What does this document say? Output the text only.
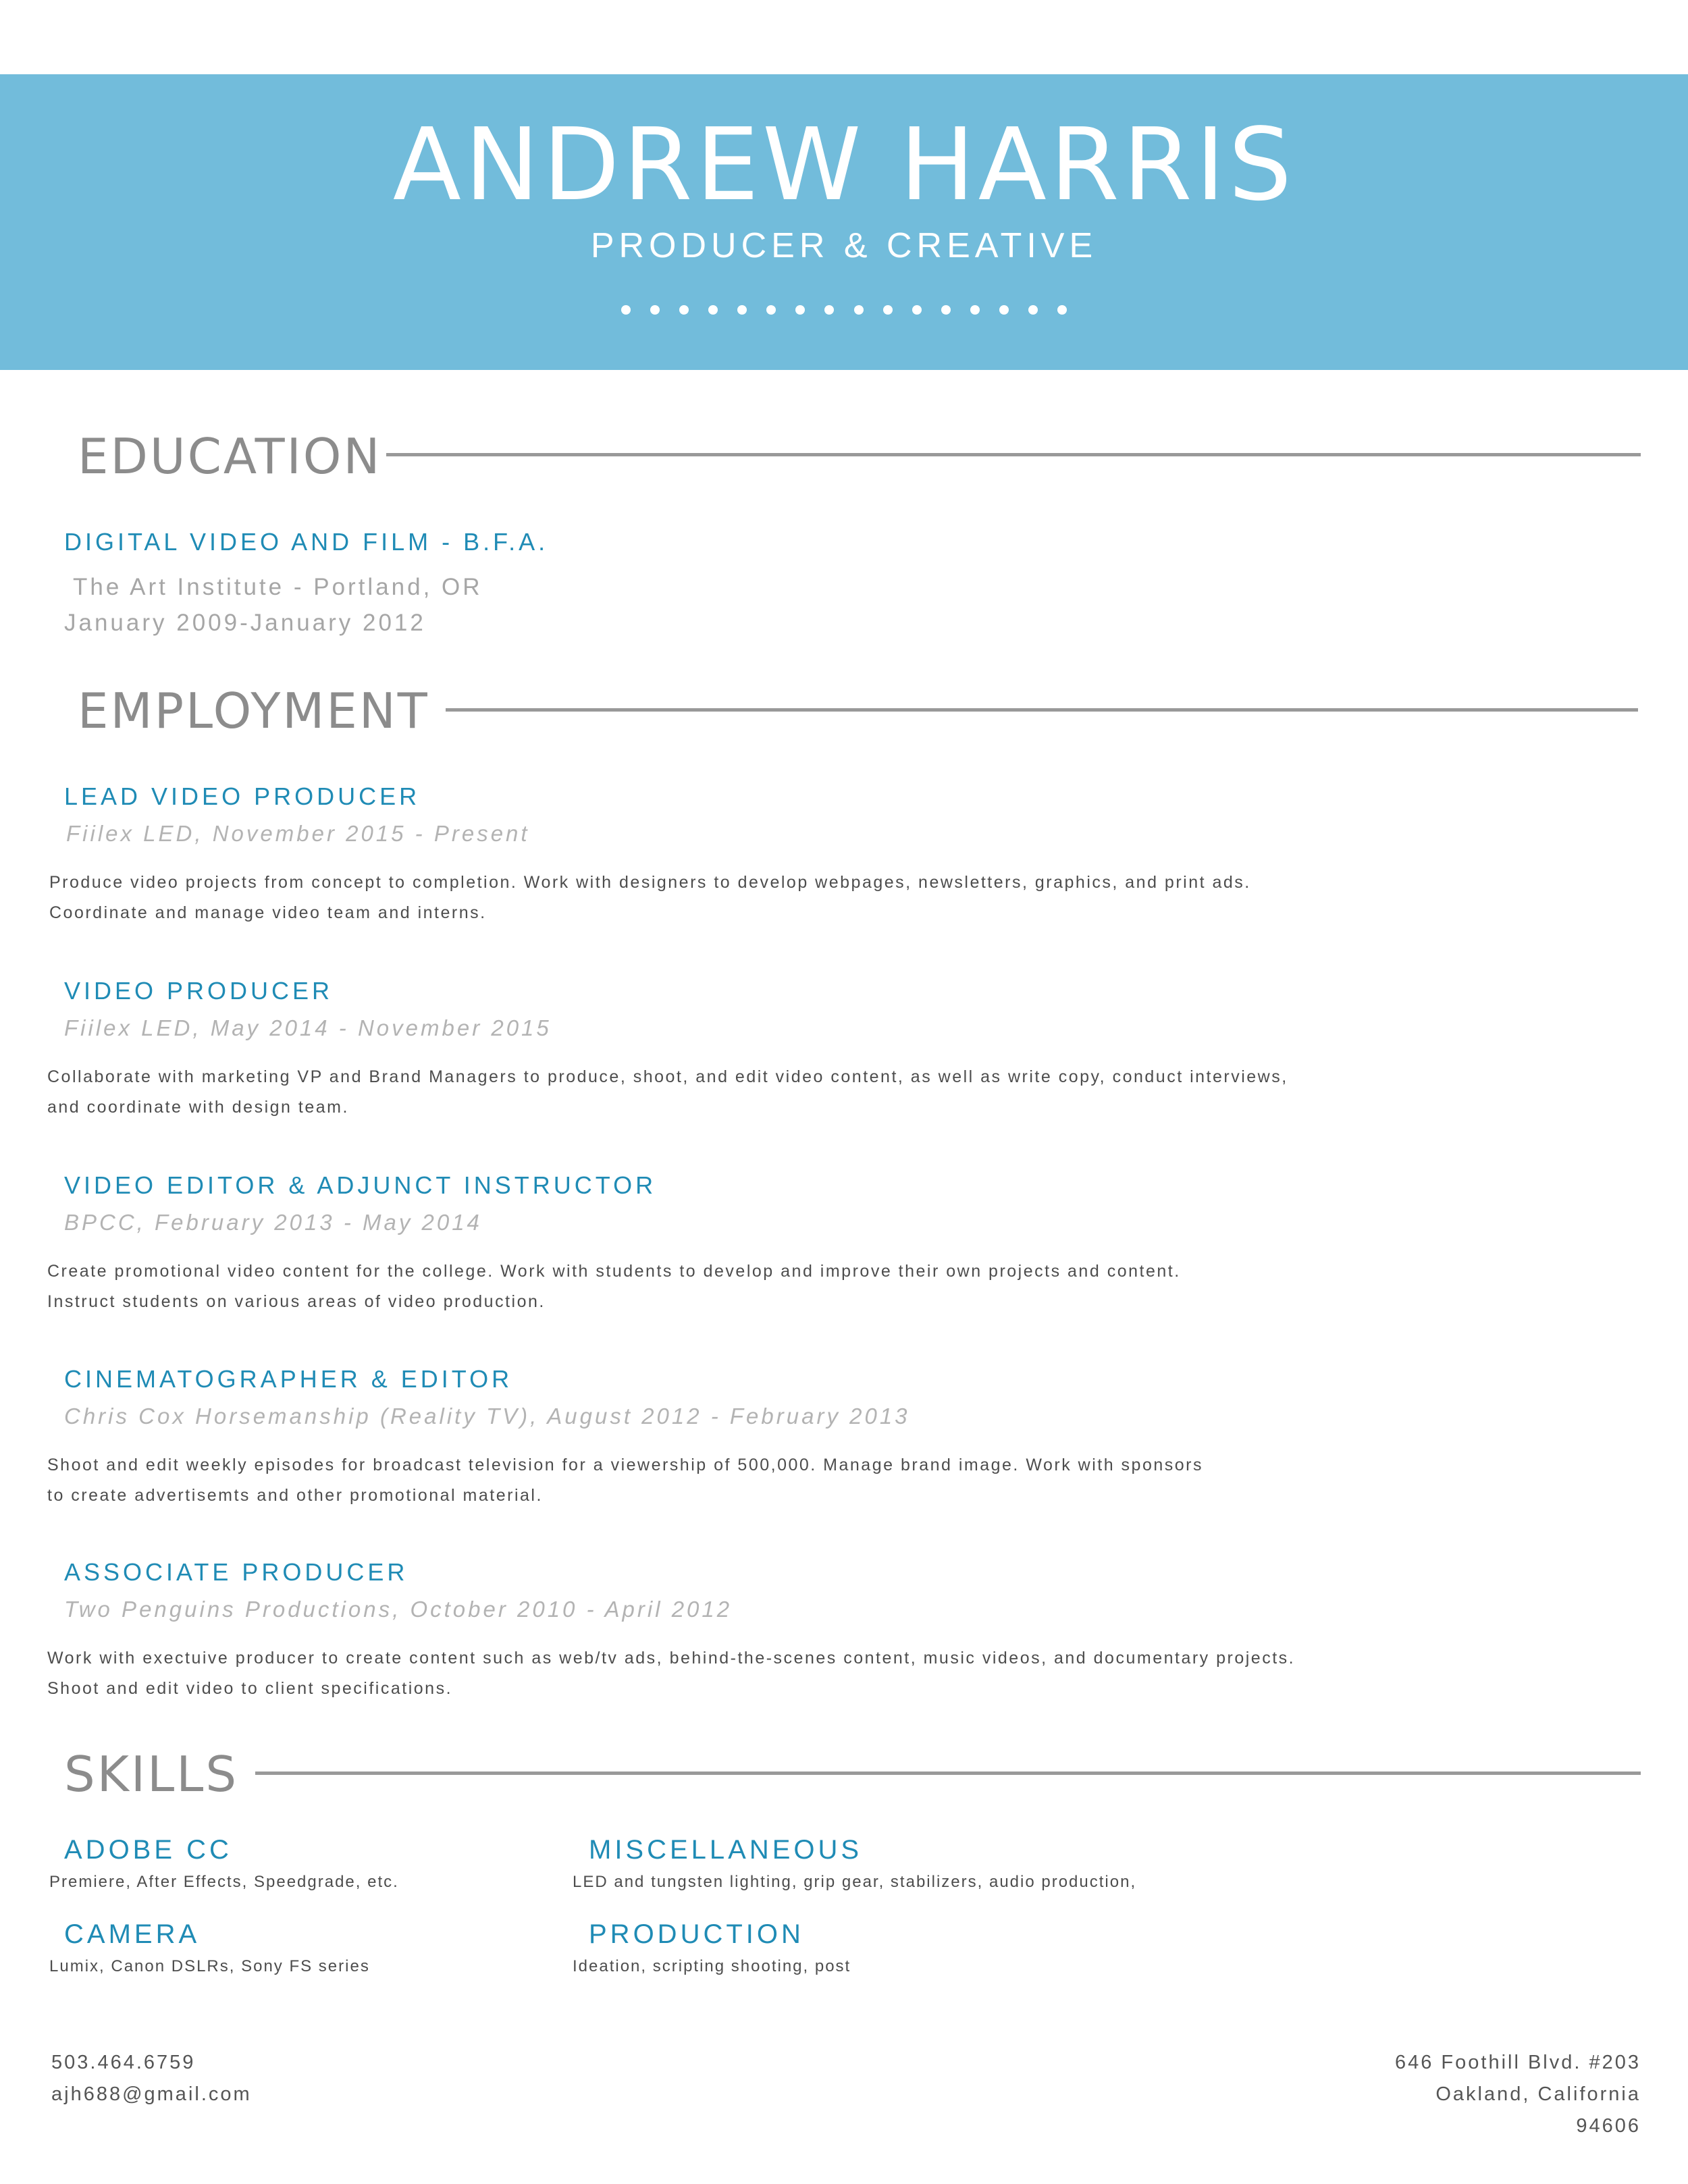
ANDREW HARRIS
PRODUCER & CREATIVE
EDUCATION
DIGITAL VIDEO AND FILM - B.F.A.
The Art Institute - Portland, OR
January 2009-January 2012
EMPLOYMENT
LEAD VIDEO PRODUCER
Fiilex LED, November 2015 - Present
Produce video projects from concept to completion. Work with designers to develop webpages, newsletters, graphics, and print ads.
Coordinate and manage video team and interns.
VIDEO PRODUCER
Fiilex LED, May 2014 - November 2015
Collaborate with marketing VP and Brand Managers to produce, shoot, and edit video content, as well as write copy, conduct interviews,
and coordinate with design team.
VIDEO EDITOR & ADJUNCT INSTRUCTOR
BPCC, February 2013 - May 2014
Create promotional video content for the college. Work with students to develop and improve their own projects and content.
Instruct students on various areas of video production.
CINEMATOGRAPHER & EDITOR
Chris Cox Horsemanship (Reality TV), August 2012 - February 2013
Shoot and edit weekly episodes for broadcast television for a viewership of 500,000. Manage brand image. Work with sponsors
to create advertisemts and other promotional material.
ASSOCIATE PRODUCER
Two Penguins Productions, October 2010 - April 2012
Work with exectuive producer to create content such as web/tv ads, behind-the-scenes content, music videos, and documentary projects.
Shoot and edit video to client specifications.
SKILLS
ADOBE CC
Premiere, After Effects, Speedgrade, etc.
MISCELLANEOUS
LED and tungsten lighting, grip gear, stabilizers, audio production,
CAMERA
Lumix, Canon DSLRs, Sony FS series
PRODUCTION
Ideation, scripting shooting, post
503.464.6759
ajh688@gmail.com
646 Foothill Blvd. #203
Oakland, California
94606
